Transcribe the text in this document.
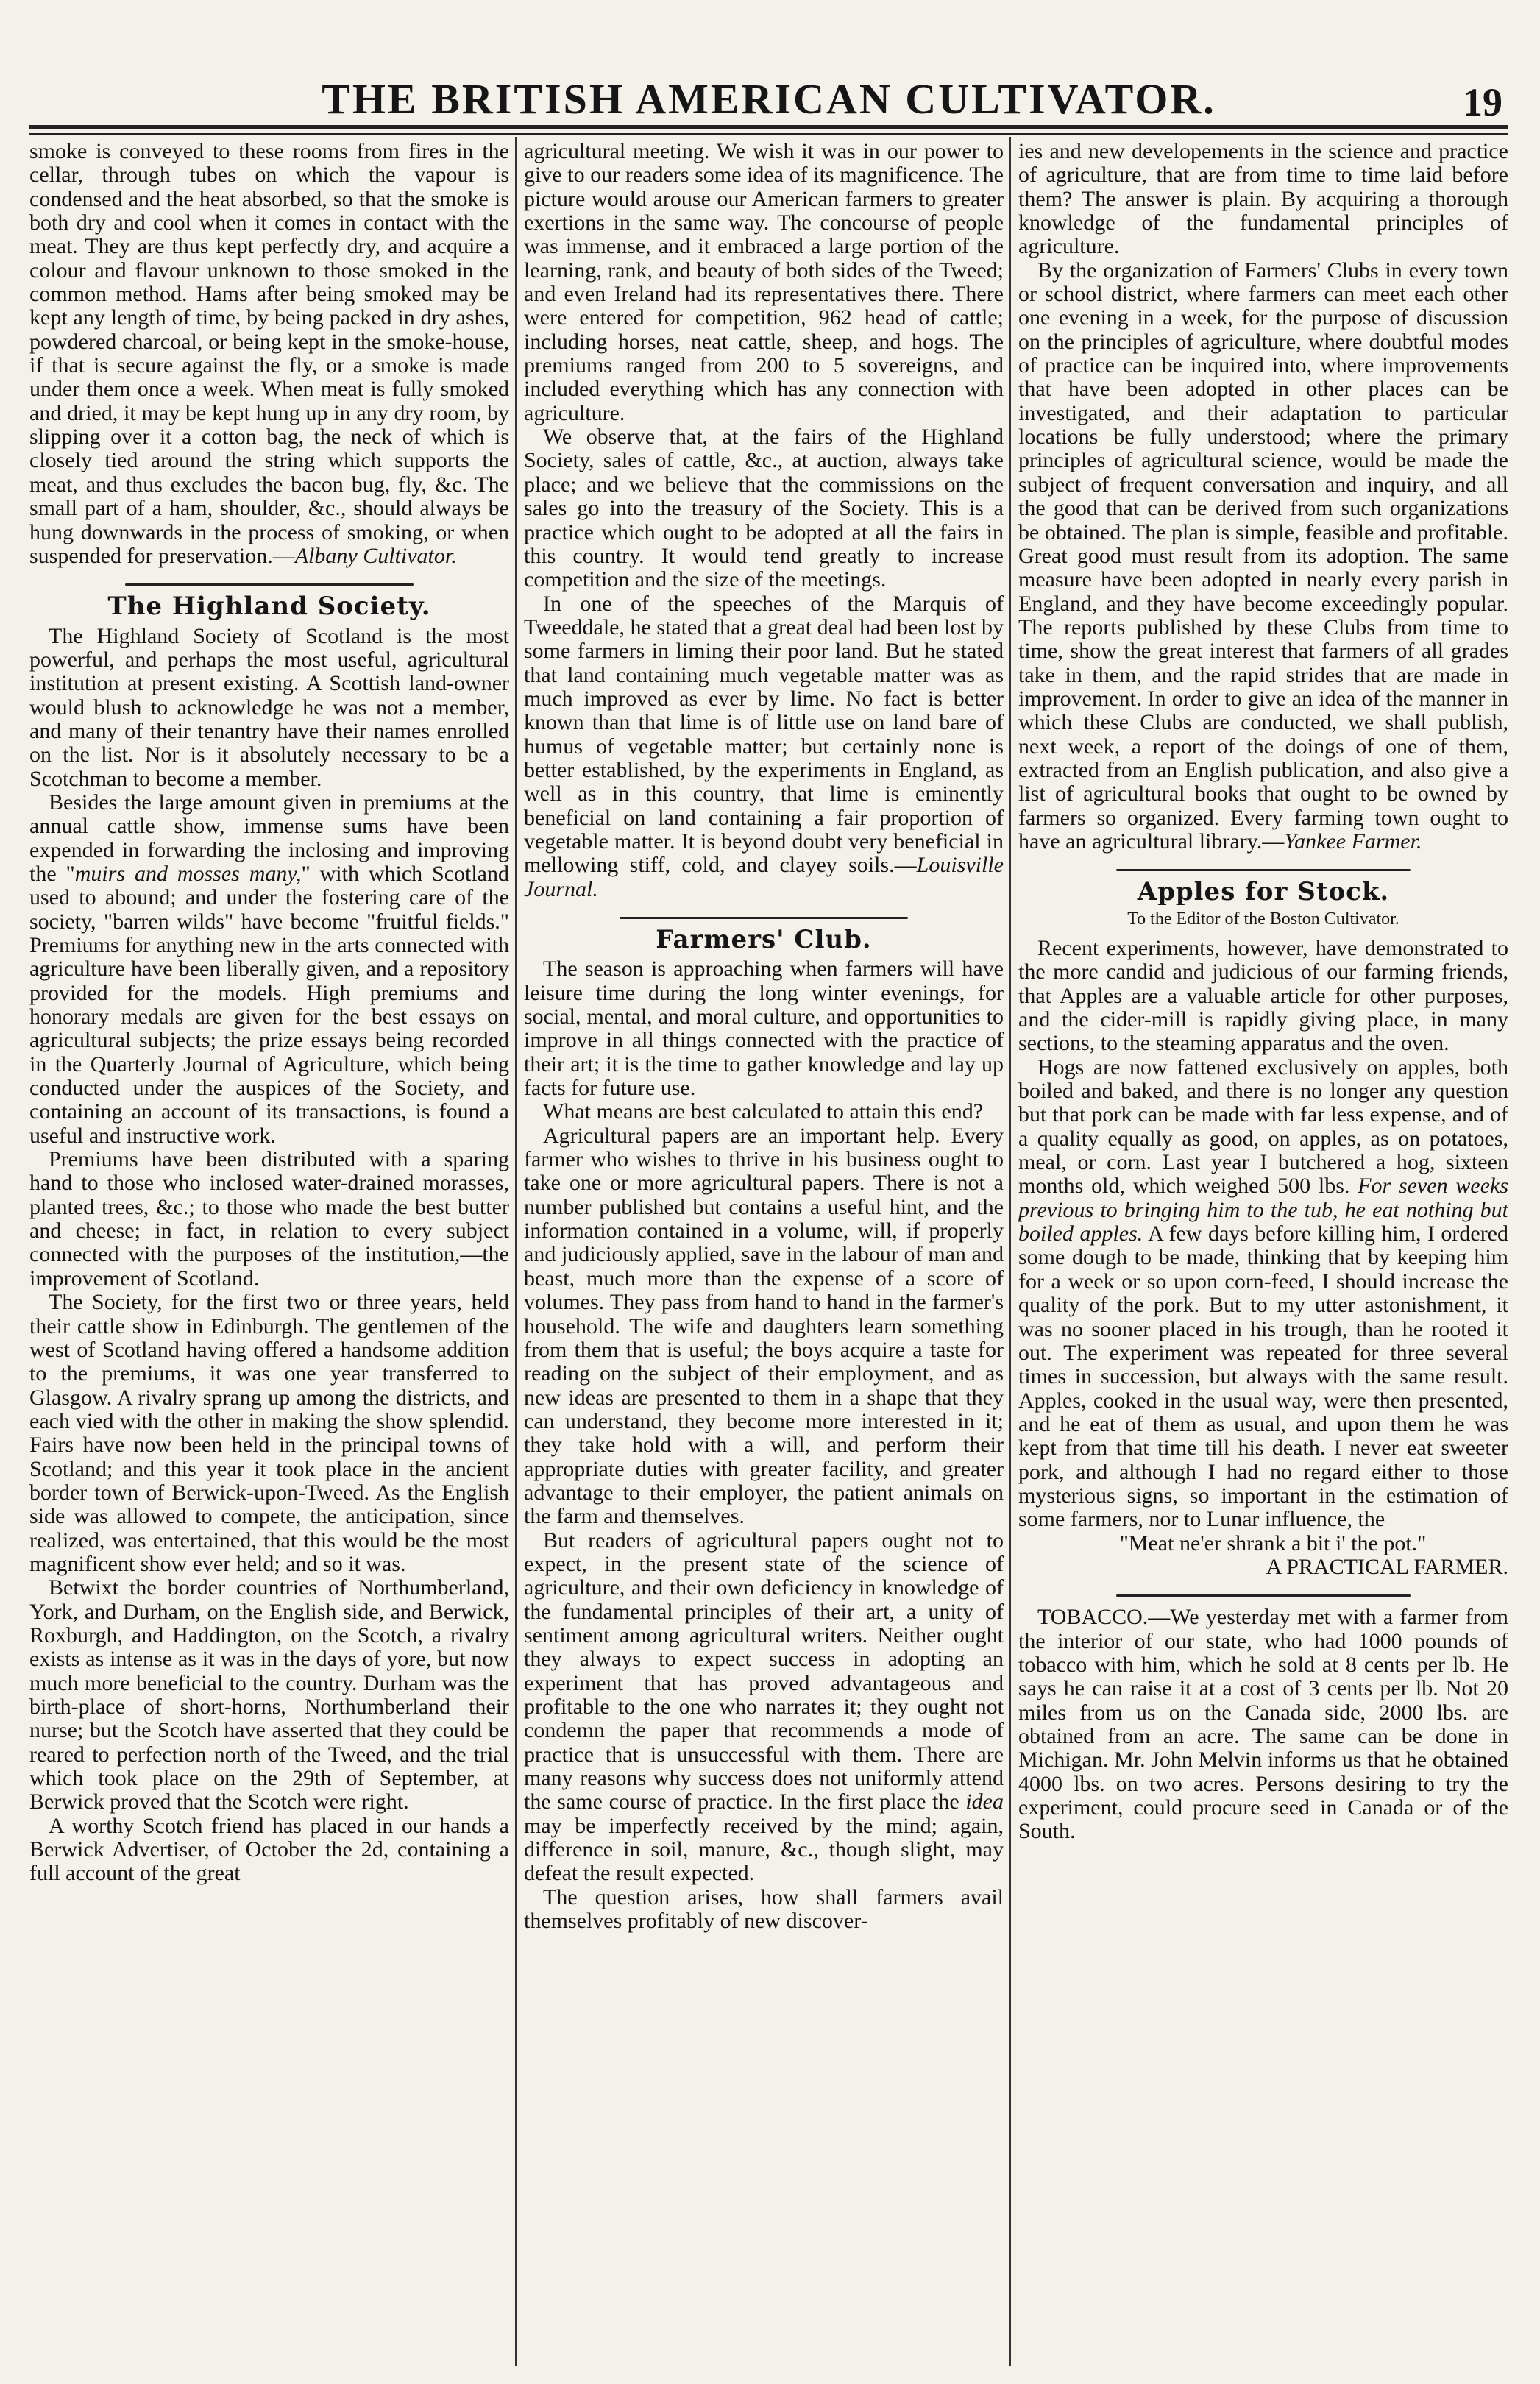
THE BRITISH AMERICAN CULTIVATOR.	19

smoke is conveyed to these rooms from fires in the cellar, through tubes on which the vapour is condensed and the heat absorbed, so that the smoke is both dry and cool when it comes in contact with the meat. They are thus kept perfectly dry, and acquire a colour and flavour unknown to those smoked in the common method. Hams after being smoked may be kept any length of time, by being packed in dry ashes, powdered charcoal, or being kept in the smoke-house, if that is secure against the fly, or a smoke is made under them once a week. When meat is fully smoked and dried, it may be kept hung up in any dry room, by slipping over it a cotton bag, the neck of which is closely tied around the string which supports the meat, and thus excludes the bacon bug, fly, &c. The small part of a ham, shoulder, &c., should always be hung downwards in the process of smoking, or when suspended for preservation.—Albany Cultivator.

The Highland Society.

The Highland Society of Scotland is the most powerful, and perhaps the most useful, agricultural institution at present existing. A Scottish land-owner would blush to acknowledge he was not a member, and many of their tenantry have their names enrolled on the list. Nor is it absolutely necessary to be a Scotchman to become a member.

Besides the large amount given in premiums at the annual cattle show, immense sums have been expended in forwarding the inclosing and improving the "muirs and mosses many," with which Scotland used to abound; and under the fostering care of the society, "barren wilds" have become "fruitful fields." Premiums for anything new in the arts connected with agriculture have been liberally given, and a repository provided for the models. High premiums and honorary medals are given for the best essays on agricultural subjects; the prize essays being recorded in the Quarterly Journal of Agriculture, which being conducted under the auspices of the Society, and containing an account of its transactions, is found a useful and instructive work.

Premiums have been distributed with a sparing hand to those who inclosed water-drained morasses, planted trees, &c.; to those who made the best butter and cheese; in fact, in relation to every subject connected with the purposes of the institution,—the improvement of Scotland.

The Society, for the first two or three years, held their cattle show in Edinburgh. The gentlemen of the west of Scotland having offered a handsome addition to the premiums, it was one year transferred to Glasgow. A rivalry sprang up among the districts, and each vied with the other in making the show splendid. Fairs have now been held in the principal towns of Scotland; and this year it took place in the ancient border town of Berwick-upon-Tweed. As the English side was allowed to compete, the anticipation, since realized, was entertained, that this would be the most magnificent show ever held; and so it was.

Betwixt the border countries of Northumberland, York, and Durham, on the English side, and Berwick, Roxburgh, and Haddington, on the Scotch, a rivalry exists as intense as it was in the days of yore, but now much more beneficial to the country. Durham was the birth-place of short-horns, Northumberland their nurse; but the Scotch have asserted that they could be reared to perfection north of the Tweed, and the trial which took place on the 29th of September, at Berwick proved that the Scotch were right.

A worthy Scotch friend has placed in our hands a Berwick Advertiser, of October the 2d, containing a full account of the great

agricultural meeting. We wish it was in our power to give to our readers some idea of its magnificence. The picture would arouse our American farmers to greater exertions in the same way. The concourse of people was immense, and it embraced a large portion of the learning, rank, and beauty of both sides of the Tweed; and even Ireland had its representatives there. There were entered for competition, 962 head of cattle; including horses, neat cattle, sheep, and hogs. The premiums ranged from 200 to 5 sovereigns, and included everything which has any connection with agriculture.

We observe that, at the fairs of the Highland Society, sales of cattle, &c., at auction, always take place; and we believe that the commissions on the sales go into the treasury of the Society. This is a practice which ought to be adopted at all the fairs in this country. It would tend greatly to increase competition and the size of the meetings.

In one of the speeches of the Marquis of Tweeddale, he stated that a great deal had been lost by some farmers in liming their poor land. But he stated that land containing much vegetable matter was as much improved as ever by lime. No fact is better known than that lime is of little use on land bare of humus of vegetable matter; but certainly none is better established, by the experiments in England, as well as in this country, that lime is eminently beneficial on land containing a fair proportion of vegetable matter. It is beyond doubt very beneficial in mellowing stiff, cold, and clayey soils.—Louisville Journal.

Farmers' Club.

The season is approaching when farmers will have leisure time during the long winter evenings, for social, mental, and moral culture, and opportunities to improve in all things connected with the practice of their art; it is the time to gather knowledge and lay up facts for future use.

What means are best calculated to attain this end?

Agricultural papers are an important help. Every farmer who wishes to thrive in his business ought to take one or more agricultural papers. There is not a number published but contains a useful hint, and the information contained in a volume, will, if properly and judiciously applied, save in the labour of man and beast, much more than the expense of a score of volumes. They pass from hand to hand in the farmer's household. The wife and daughters learn something from them that is useful; the boys acquire a taste for reading on the subject of their employment, and as new ideas are presented to them in a shape that they can understand, they become more interested in it; they take hold with a will, and perform their appropriate duties with greater facility, and greater advantage to their employer, the patient animals on the farm and themselves.

But readers of agricultural papers ought not to expect, in the present state of the science of agriculture, and their own deficiency in knowledge of the fundamental principles of their art, a unity of sentiment among agricultural writers. Neither ought they always to expect success in adopting an experiment that has proved advantageous and profitable to the one who narrates it; they ought not condemn the paper that recommends a mode of practice that is unsuccessful with them. There are many reasons why success does not uniformly attend the same course of practice. In the first place the idea may be imperfectly received by the mind; again, difference in soil, manure, &c., though slight, may defeat the result expected.

The question arises, how shall farmers avail themselves profitably of new discover-

ies and new developements in the science and practice of agriculture, that are from time to time laid before them? The answer is plain. By acquiring a thorough knowledge of the fundamental principles of agriculture.

By the organization of Farmers' Clubs in every town or school district, where farmers can meet each other one evening in a week, for the purpose of discussion on the principles of agriculture, where doubtful modes of practice can be inquired into, where improvements that have been adopted in other places can be investigated, and their adaptation to particular locations be fully understood; where the primary principles of agricultural science, would be made the subject of frequent conversation and inquiry, and all the good that can be derived from such organizations be obtained. The plan is simple, feasible and profitable. Great good must result from its adoption. The same measure have been adopted in nearly every parish in England, and they have become exceedingly popular. The reports published by these Clubs from time to time, show the great interest that farmers of all grades take in them, and the rapid strides that are made in improvement. In order to give an idea of the manner in which these Clubs are conducted, we shall publish, next week, a report of the doings of one of them, extracted from an English publication, and also give a list of agricultural books that ought to be owned by farmers so organized. Every farming town ought to have an agricultural library.—Yankee Farmer.

Apples for Stock.
To the Editor of the Boston Cultivator.

Recent experiments, however, have demonstrated to the more candid and judicious of our farming friends, that Apples are a valuable article for other purposes, and the cider-mill is rapidly giving place, in many sections, to the steaming apparatus and the oven.

Hogs are now fattened exclusively on apples, both boiled and baked, and there is no longer any question but that pork can be made with far less expense, and of a quality equally as good, on apples, as on potatoes, meal, or corn. Last year I butchered a hog, sixteen months old, which weighed 500 lbs. For seven weeks previous to bringing him to the tub, he eat nothing but boiled apples. A few days before killing him, I ordered some dough to be made, thinking that by keeping him for a week or so upon corn-feed, I should increase the quality of the pork. But to my utter astonishment, it was no sooner placed in his trough, than he rooted it out. The experiment was repeated for three several times in succession, but always with the same result. Apples, cooked in the usual way, were then presented, and he eat of them as usual, and upon them he was kept from that time till his death. I never eat sweeter pork, and although I had no regard either to those mysterious signs, so important in the estimation of some farmers, nor to Lunar influence, the

"Meat ne'er shrank a bit i' the pot."

A PRACTICAL FARMER.

TOBACCO.—We yesterday met with a farmer from the interior of our state, who had 1000 pounds of tobacco with him, which he sold at 8 cents per lb. He says he can raise it at a cost of 3 cents per lb. Not 20 miles from us on the Canada side, 2000 lbs. are obtained from an acre. The same can be done in Michigan. Mr. John Melvin informs us that he obtained 4000 lbs. on two acres. Persons desiring to try the experiment, could procure seed in Canada or of the South.
